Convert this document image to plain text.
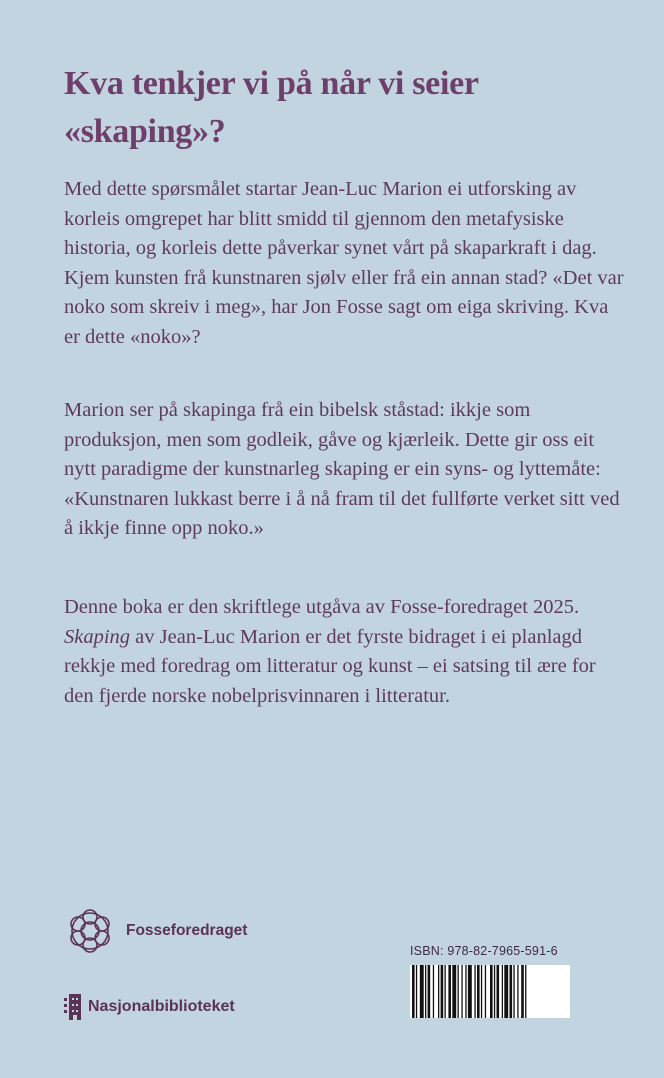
Kva tenkjer vi på når vi seier «skaping»?

Med dette spørsmålet startar Jean-Luc Marion ei utforsking av korleis omgrepet har blitt smidd til gjennom den metafysiske historia, og korleis dette påverkar synet vårt på skaparkraft i dag. Kjem kunsten frå kunstnaren sjølv eller frå ein annan stad? «Det var noko som skreiv i meg», har Jon Fosse sagt om eiga skriving. Kva er dette «noko»?

Marion ser på skapinga frå ein bibelsk ståstad: ikkje som produksjon, men som godleik, gåve og kjærleik. Dette gir oss eit nytt paradigme der kunstnarleg skaping er ein syns- og lyttemåte: «Kunstnaren lukkast berre i å nå fram til det fullførte verket sitt ved å ikkje finne opp noko.»

Denne boka er den skriftlege utgåva av Fosse-foredraget 2025. Skaping av Jean-Luc Marion er det fyrste bidraget i ei planlagd rekkje med foredrag om litteratur og kunst – ei satsing til ære for den fjerde norske nobelprisvinnaren i litteratur.

Fosseforedraget
Nasjonalbiblioteket
ISBN: 978-82-7965-591-6
